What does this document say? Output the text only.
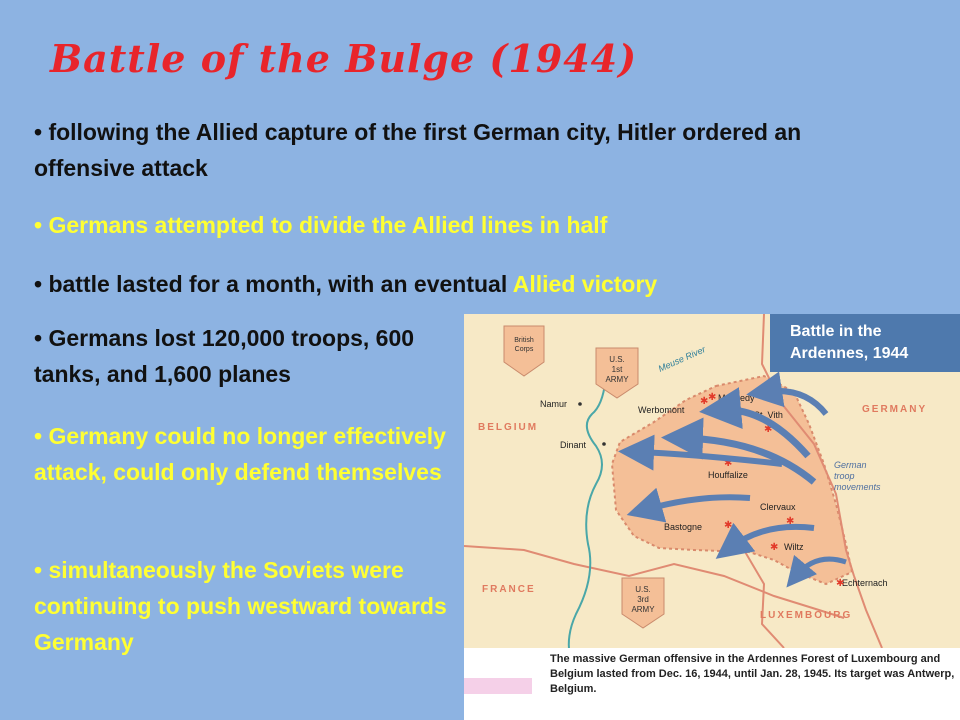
Battle of the Bulge (1944)

• following the Allied capture of the first German city, Hitler ordered an offensive attack

• Germans attempted to divide the Allied lines in half

• battle lasted for a month, with an eventual Allied victory

• Germans lost 120,000 troops, 600 tanks, and 1,600 planes

• Germany could no longer effectively attack, could only defend themselves

• simultaneously the Soviets were continuing to push westward towards Germany

Meuse River
Battle in the
Ardennes, 1944
British
Corps
U.S.
1st
ARMY
U.S.
3rd
ARMY
BELGIUM
GERMANY
FRANCE
LUXEMBOURG
Namur
Dinant
Werbomont
Malmedy
St. Vith
Houffalize
Clervaux
Bastogne
Wiltz
Echternach
✱
✱
✱
✱
✱
✱
✱
✱
German
troop
movements

The massive German offensive in the Ardennes Forest of Luxembourg and Belgium lasted from Dec. 16, 1944, until Jan. 28, 1945. Its target was Antwerp, Belgium.
